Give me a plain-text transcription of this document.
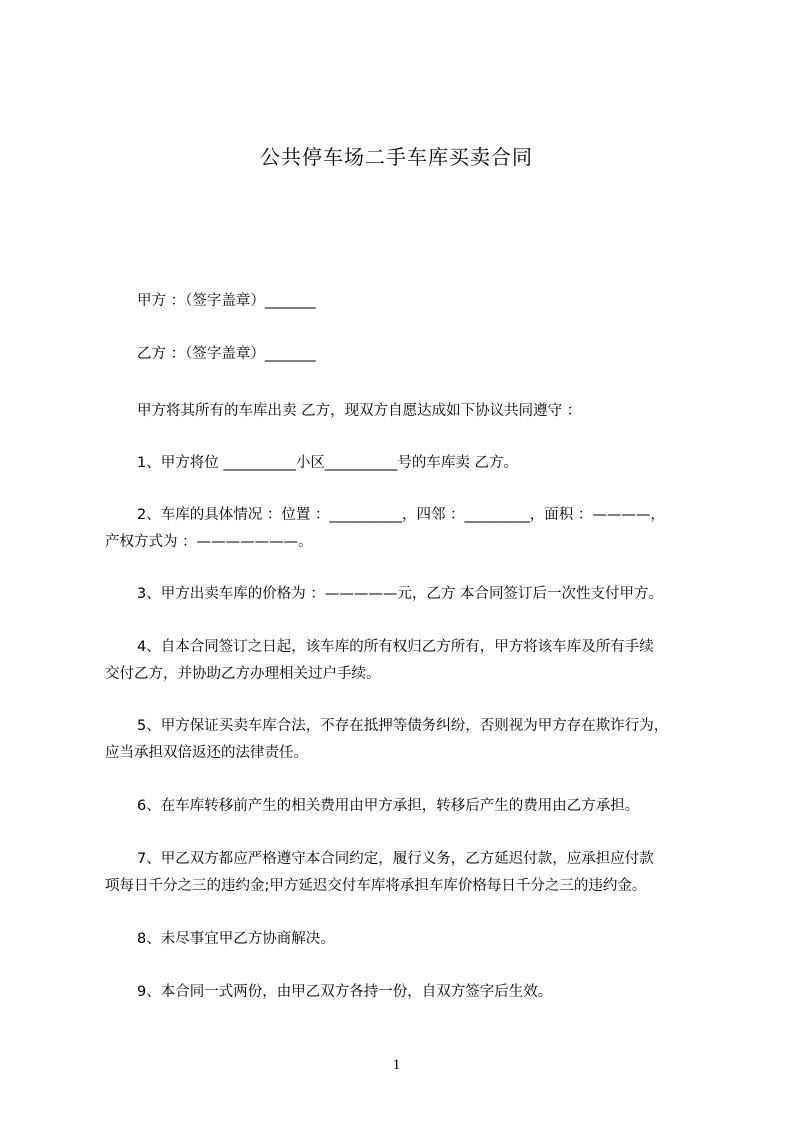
公共停车场二手车库买卖合同
甲方 ：（签字盖章）_______
乙方 ：（签字盖章）_______
甲方将其所有的车库出卖 乙方，现双方自愿达成如下协议共同遵守 ：
1、甲方将位 __________小区__________号的车库卖 乙方。
2、车库的具体情况 ：位置 ：__________，四邻 ：_________，面积 ：————，
产权方式为 ：———————。
3、甲方出卖车库的价格为 ：—————元，乙方 本合同签订后一次性支付甲方。
4、自本合同签订之日起，该车库的所有权归乙方所有，甲方将该车库及所有手续
交付乙方，并协助乙方办理相关过户手续。
5、甲方保证买卖车库合法，不存在抵押等债务纠纷，否则视为甲方存在欺诈行为，
应当承担双倍返还的法律责任。
6、在车库转移前产生的相关费用由甲方承担，转移后产生的费用由乙方承担。
7、甲乙双方都应严格遵守本合同约定，履行义务，乙方延迟付款，应承担应付款
项每日千分之三的违约金;甲方延迟交付车库将承担车库价格每日千分之三的违约金。
8、未尽事宜甲乙方协商解决。
9、本合同一式两份，由甲乙双方各持一份，自双方签字后生效。
1
